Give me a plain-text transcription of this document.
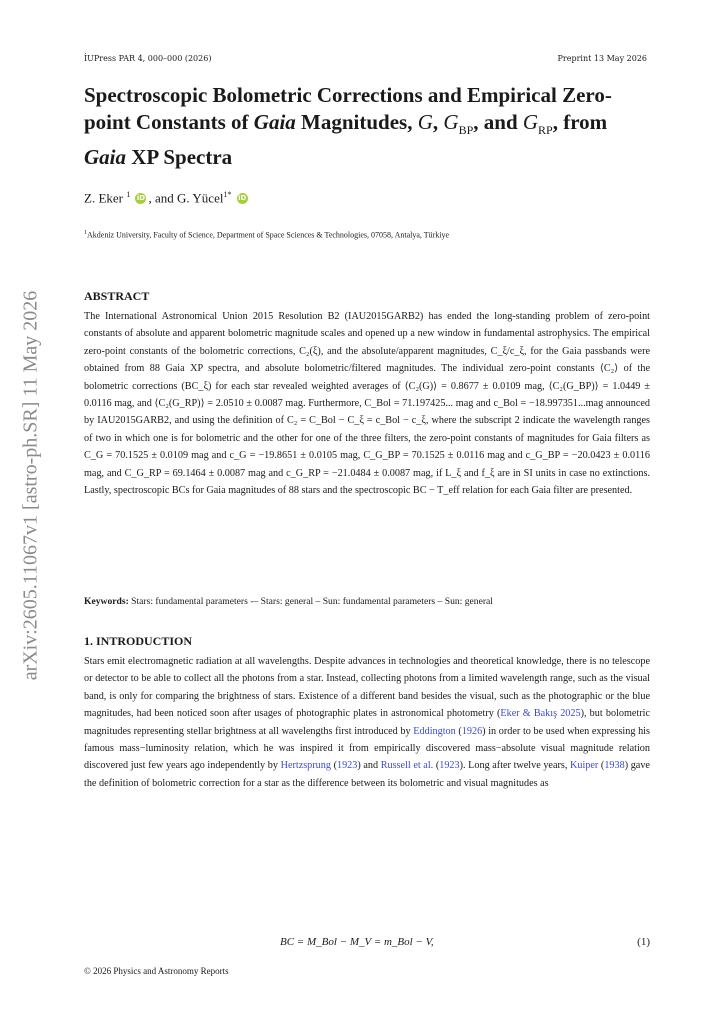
İUPress PAR 4, 000–000 (2026)	Preprint 13 May 2026
Spectroscopic Bolometric Corrections and Empirical Zero-point Constants of Gaia Magnitudes, G, $G_{BP}$, and $G_{RP}$, from Gaia XP Spectra
Z. Eker $^1$ iD , and G. Yücel$^{1*}$ iD
$^1$Akdeniz University, Faculty of Science, Department of Space Sciences & Technologies, 07058, Antalya, Türkiye
arXiv:2605.11067v1 [astro-ph.SR] 11 May 2026	ABSTRACT

The International Astronomical Union 2015 Resolution B2 (IAU2015GARB2) has ended the long-standing problem of zero-point constants of absolute and apparent bolometric magnitude scales and opened up a new window in fundamental astrophysics. The empirical zero-point constants of the bolometric corrections, C₂(ξ), and the absolute/apparent magnitudes, C_ξ/c_ξ, for the Gaia passbands were obtained from 88 Gaia XP spectra, and absolute bolometric/filtered magnitudes. The individual zero-point constants ⟨C₂⟩ of the bolometric corrections (BC_ξ) for each star revealed weighted averages of ⟨C₂(G)⟩ = 0.8677 ± 0.0109 mag, ⟨C₂(G_BP)⟩ = 1.0449 ± 0.0116 mag, and ⟨C₂(G_RP)⟩ = 2.0510 ± 0.0087 mag. Furthermore, C_Bol = 71.197425... mag and c_Bol = −18.997351...mag announced by IAU2015GARB2, and using the definition of C₂ = C_Bol − C_ξ = c_Bol − c_ξ, where the subscript 2 indicate the wavelength ranges of two in which one is for bolometric and the other for one of the three filters, the zero-point constants of magnitudes for Gaia filters as C_G = 70.1525 ± 0.0109 mag and c_G = −19.8651 ± 0.0105 mag, C_G_BP = 70.1525 ± 0.0116 mag and c_G_BP = −20.0423 ± 0.0116 mag, and C_G_RP = 69.1464 ± 0.0087 mag and c_G_RP = −21.0484 ± 0.0087 mag, if L_ξ and f_ξ are in SI units in case no extinctions. Lastly, spectroscopic BCs for Gaia magnitudes of 88 stars and the spectroscopic BC − T_eff relation for each Gaia filter are presented.

Keywords: Stars: fundamental parameters -– Stars: general – Sun: fundamental parameters – Sun: general
1. INTRODUCTION

Stars emit electromagnetic radiation at all wavelengths. Despite advances in technologies and theoretical knowledge, there is no telescope or detector to be able to collect all the photons from a star. Instead, collecting photons from a limited wavelength range, such as the visual band, is only for comparing the brightness of stars. Existence of a different band besides the visual, such as the photographic or the blue magnitudes, had been noticed soon after usages of photographic plates in astronomical photometry (Eker & Bakış 2025), but bolometric magnitudes representing stellar brightness at all wavelengths first introduced by Eddington (1926) in order to be used when expressing his famous mass−luminosity relation, which he was inspired it from empirically discovered mass−absolute visual magnitude relation discovered just few years ago independently by Hertzsprung (1923) and Russell et al. (1923). Long after twelve years, Kuiper (1938) gave the definition of bolometric correction for a star as the difference between its bolometric and visual magnitudes as

BC = M_Bol − M_V = m_Bol − V,	(1)
© 2026 Physics and Astronomy Reports
